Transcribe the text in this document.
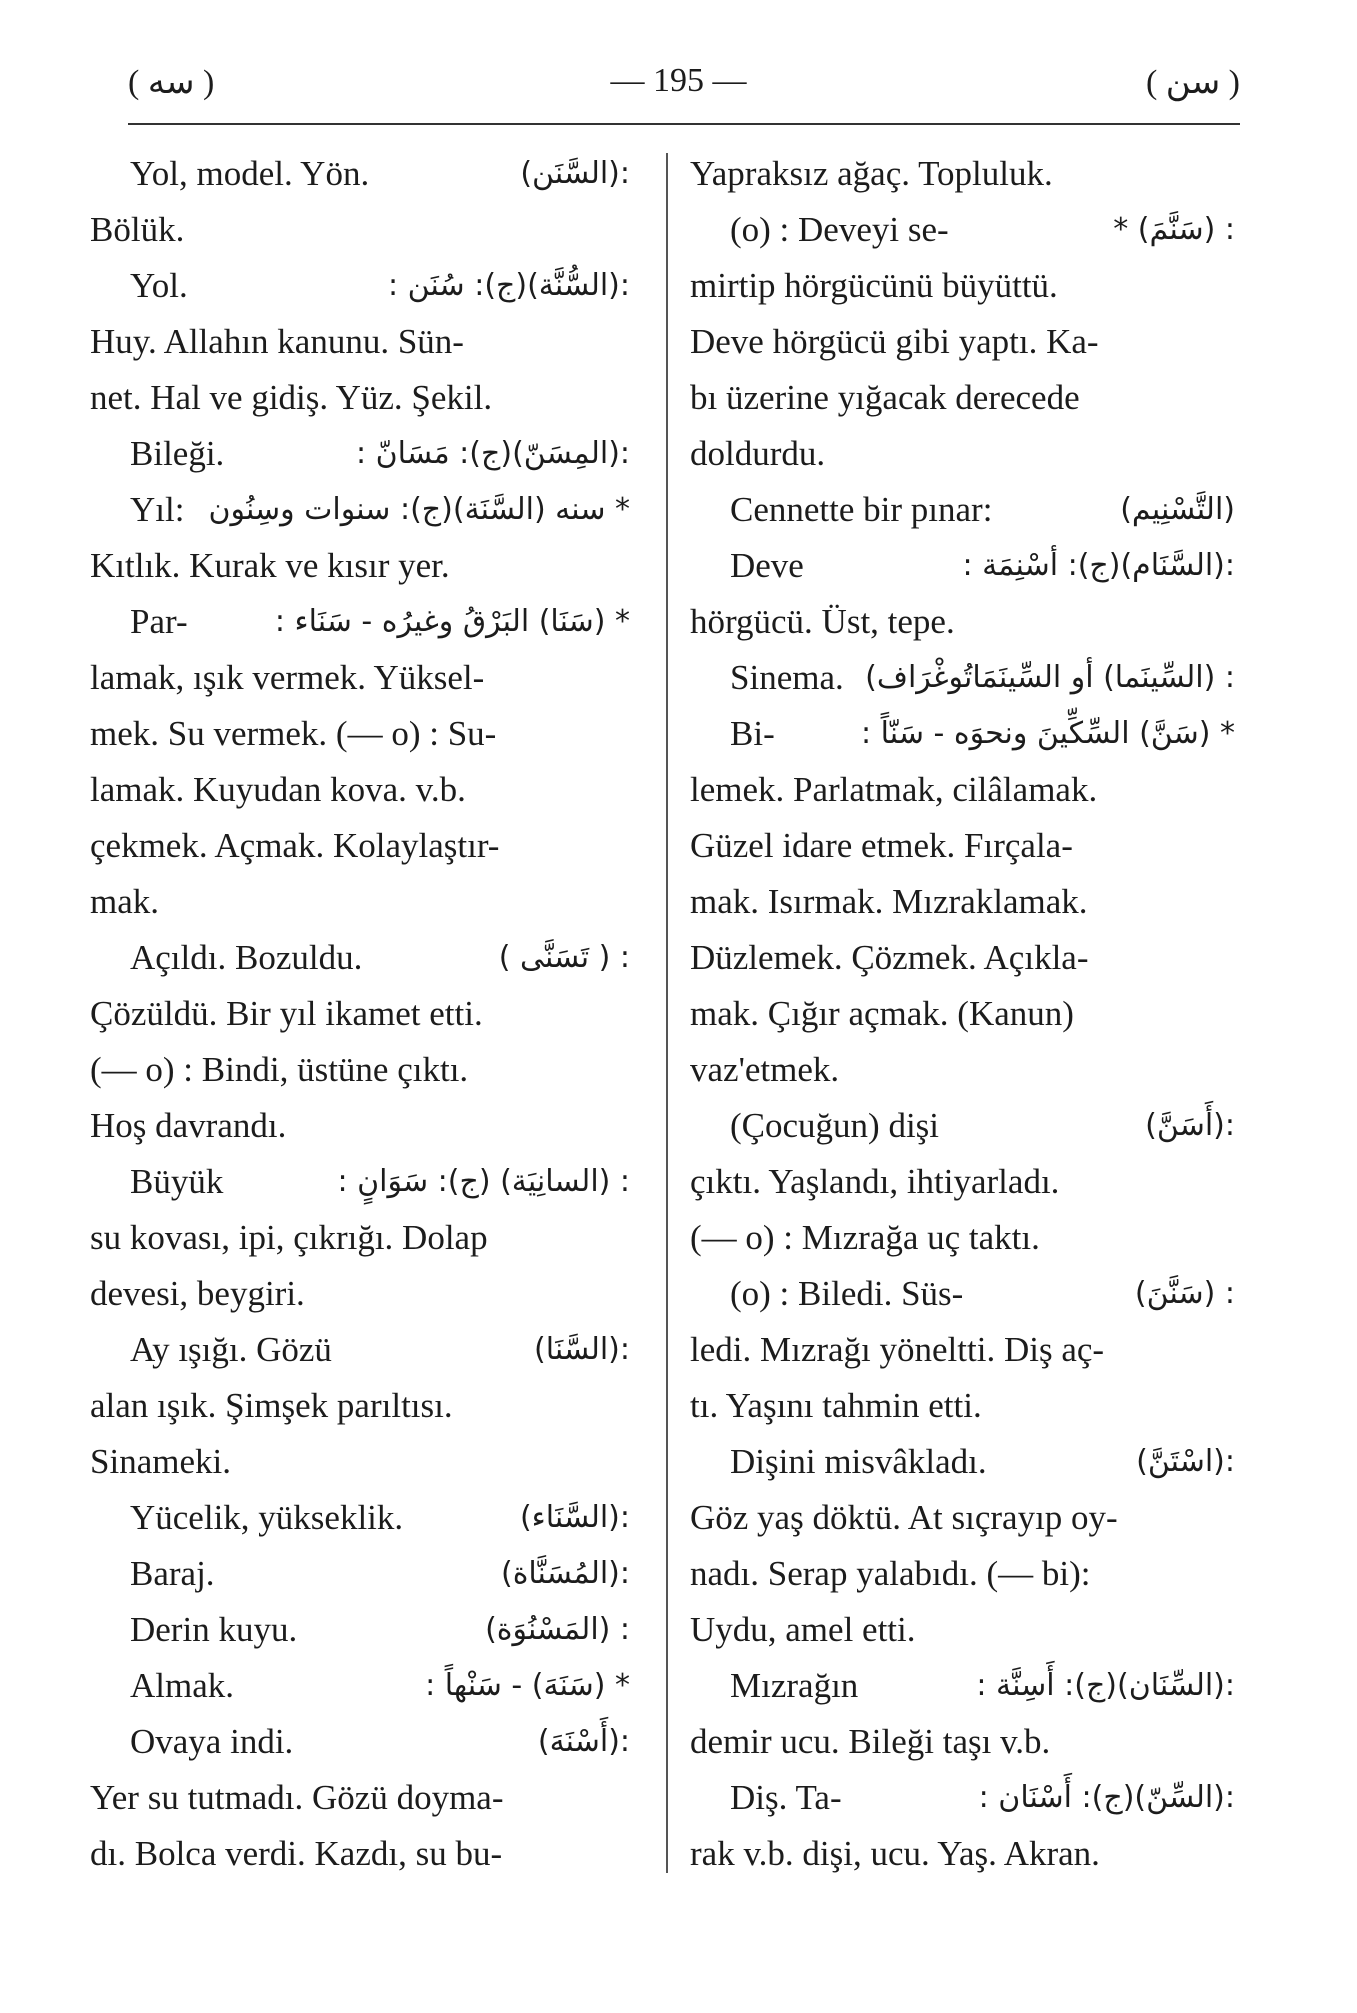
( سه )	— 195 —	( سن )
Yol, model. Yön.	:(السَّنَن)
Bölük.
Yol.	:(السُّنَّة)(ج): سُنَن :
Huy. Allahın kanunu. Sün-
net. Hal ve gidiş. Yüz. Şekil.
Bileği.	:(المِسَنّ)(ج): مَسَانّ :
Yıl: * سنه (السَّنَة)(ج): سنوات وسِنُون
Kıtlık. Kurak ve kısır yer.
Par-	* (سَنَا) البَرْقُ وغيرُه - سَنَاء :
lamak, ışık vermek. Yüksel-
mek. Su vermek. (— o) : Su-
lamak. Kuyudan kova. v.b.
çekmek. Açmak. Kolaylaştır-
mak.
Açıldı. Bozuldu.	: ( تَسَنَّى )
Çözüldü. Bir yıl ikamet etti.
(— o) : Bindi, üstüne çıktı.
Hoş davrandı.
Büyük	: (السانِيَة) (ج): سَوَانٍ :
su kovası, ipi, çıkrığı. Dolap
devesi, beygiri.
Ay ışığı. Gözü	:(السَّنَا)
alan ışık. Şimşek parıltısı.
Sinameki.
Yücelik, yükseklik.	:(السَّنَاء)
Baraj.	:(المُسَنَّاة)
Derin kuyu.	: (المَسْنُوَة)
Almak.	* (سَنَهَ) - سَنْهاً :
Ovaya indi.	:(أَسْنَهَ)
Yer su tutmadı. Gözü doyma-
dı. Bolca verdi. Kazdı, su bu-
Yapraksız ağaç. Topluluk.
(o) : Deveyi se-	: (سَنَّمَ) *
mirtip hörgücünü büyüttü.
Deve hörgücü gibi yaptı. Ka-
bı üzerine yığacak derecede
doldurdu.
Cennette bir pınar:	(التَّسْنِيم)
Deve	:(السَّنَام)(ج): أسْنِمَة :
hörgücü. Üst, tepe.
Sinema. : (السِّينَما) أو السِّينَمَاتُوغْرَاف)
Bi-	* (سَنَّ) السِّكِّينَ ونحوَه - سَنّاً :
lemek. Parlatmak, cilâlamak.
Güzel idare etmek. Fırçala-
mak. Isırmak. Mızraklamak.
Düzlemek. Çözmek. Açıkla-
mak. Çığır açmak. (Kanun)
vaz'etmek.
(Çocuğun) dişi	:(أَسَنَّ)
çıktı. Yaşlandı, ihtiyarladı.
(— o) : Mızrağa uç taktı.
(o) : Biledi. Süs-	: (سَنَّنَ)
ledi. Mızrağı yöneltti. Diş aç-
tı. Yaşını tahmin etti.
Dişini misvâkladı.	:(اسْتَنَّ)
Göz yaş döktü. At sıçrayıp oy-
nadı. Serap yalabıdı. (— bi):
Uydu, amel etti.
Mızrağın	:(السِّنَان)(ج): أَسِنَّة :
demir ucu. Bileği taşı v.b.
Diş. Ta-	:(السِّنّ)(ج): أَسْنَان :
rak v.b. dişi, ucu. Yaş. Akran.
